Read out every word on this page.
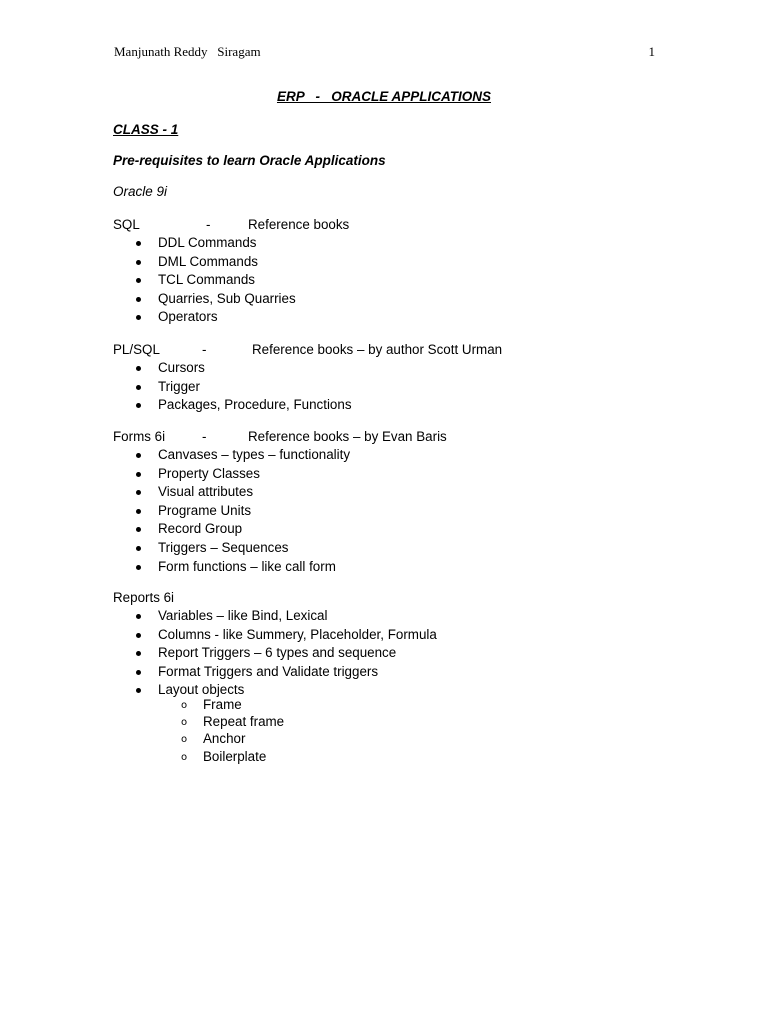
Manjunath Reddy   Siragam	1
ERP   -   ORACLE APPLICATIONS
CLASS - 1
Pre-requisites to learn Oracle Applications
Oracle 9i
SQL	-	Reference books
DDL Commands
DML Commands
TCL Commands
Quarries, Sub Quarries
Operators
PL/SQL	-	Reference books – by author Scott Urman
Cursors
Trigger
Packages, Procedure, Functions
Forms 6i	-	Reference books – by Evan Baris
Canvases – types – functionality
Property Classes
Visual attributes
Programe Units
Record Group
Triggers – Sequences
Form functions – like call form
Reports 6i
Variables – like Bind, Lexical
Columns - like Summery, Placeholder, Formula
Report Triggers – 6 types and sequence
Format Triggers and Validate triggers
Layout objects
o Frame
o Repeat frame
o Anchor
o Boilerplate
